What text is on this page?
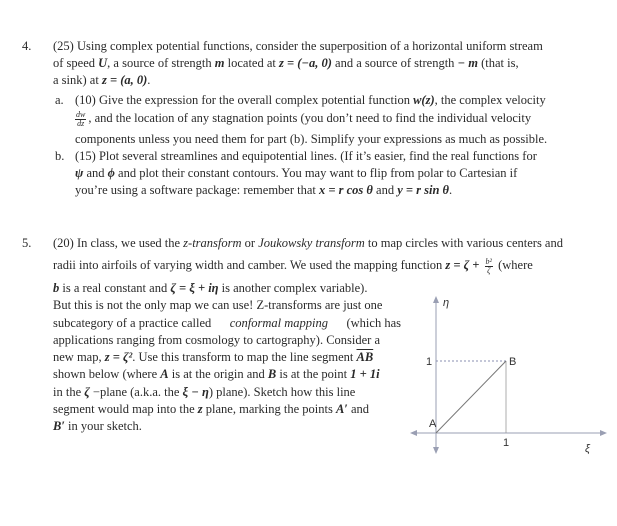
4. (25) Using complex potential functions, consider the superposition of a horizontal uniform stream
of speed U, a source of strength m located at z = (−a, 0) and a source of strength − m (that is,
a sink) at z = (a, 0).
a. (10) Give the expression for the overall complex potential function w(z), the complex velocity
$\frac{dw}{dz}$ , and the location of any stagnation points (you don’t need to find the individual velocity
components unless you need them for part (b). Simplify your expressions as much as possible.
b. (15) Plot several streamlines and equipotential lines. (If it’s easier, find the real functions for
ψ and ϕ and plot their constant contours. You may want to flip from polar to Cartesian if
you’re using a software package: remember that x = r cos θ and y = r sin θ.
5. (20) In class, we used the z-transform or Joukowsky transform to map circles with various centers and
radii into airfoils of varying width and camber. We used the mapping function $z = \zeta + \frac{\text{b²}}{\zeta}$ (where
b is a real constant and ζ = ξ + iη is another complex variable).
But this is not the only map we can use! Z-transforms are just one
subcategory of a practice called conformal mapping (which has
applications ranging from cosmology to cartography). Consider a
new map, z = ζ². Use this transform to map the line segment $\overline{AB}$
shown below (where A is at the origin and B is at the point 1 + 1i
in the ζ −plane (a.k.a. the ξ − η) plane). Sketch how this line
segment would map into the z plane, marking the points A′ and
B′ in your sketch.
η
ξ
1
1
A
B
